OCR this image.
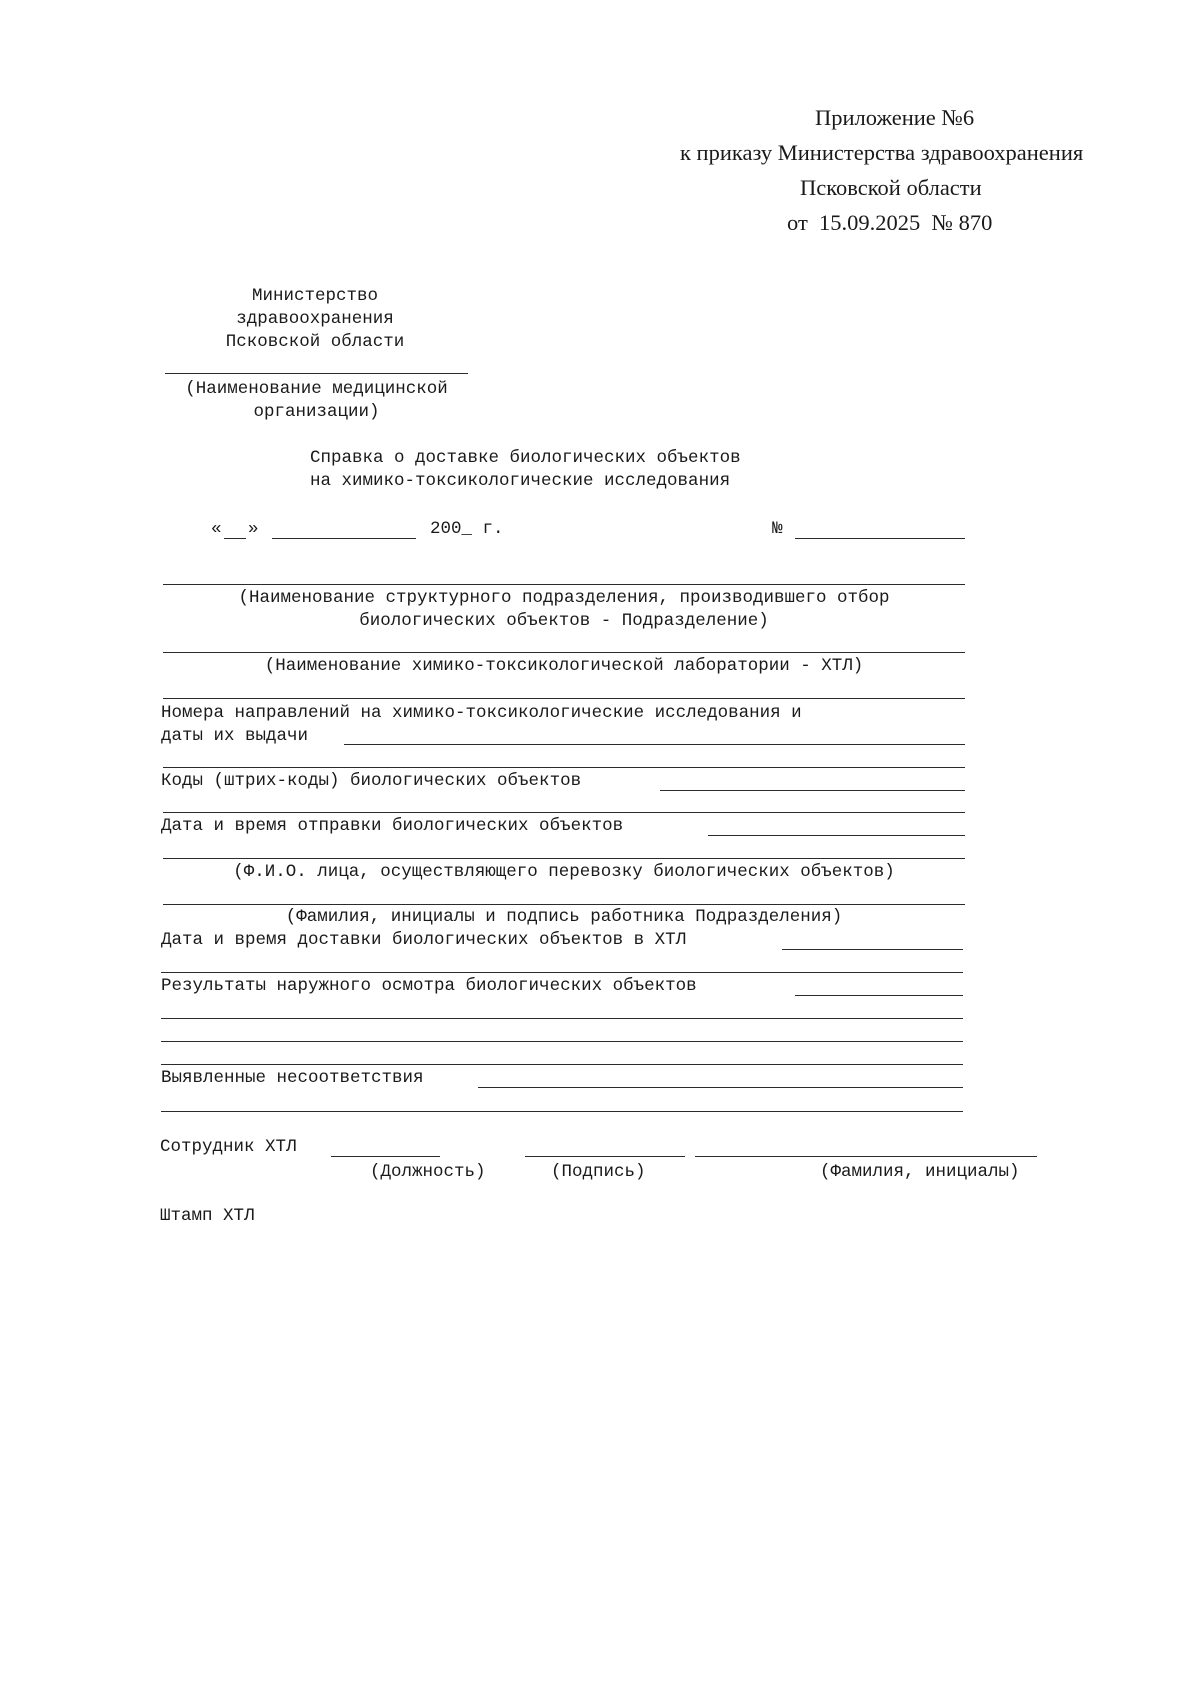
Приложение №6
к приказу Министерства здравоохранения
Псковской области
от 15.09.2025 № 870
Министерство
здравоохранения
Псковской области
(Наименование медицинской
организации)
Справка о доставке биологических объектов
на химико-токсикологические исследования
« »	200_ г.	№
(Наименование структурного подразделения, производившего отбор
биологических объектов - Подразделение)
(Наименование химико-токсикологической лаборатории - ХТЛ)
Номера направлений на химико-токсикологические исследования и
даты их выдачи
Коды (штрих-коды) биологических объектов
Дата и время отправки биологических объектов
(Ф.И.О. лица, осуществляющего перевозку биологических объектов)
(Фамилия, инициалы и подпись работника Подразделения)
Дата и время доставки биологических объектов в ХТЛ
Результаты наружного осмотра биологических объектов
Выявленные несоответствия
Сотрудник ХТЛ
(Должность)	(Подпись)	(Фамилия, инициалы)
Штамп ХТЛ
